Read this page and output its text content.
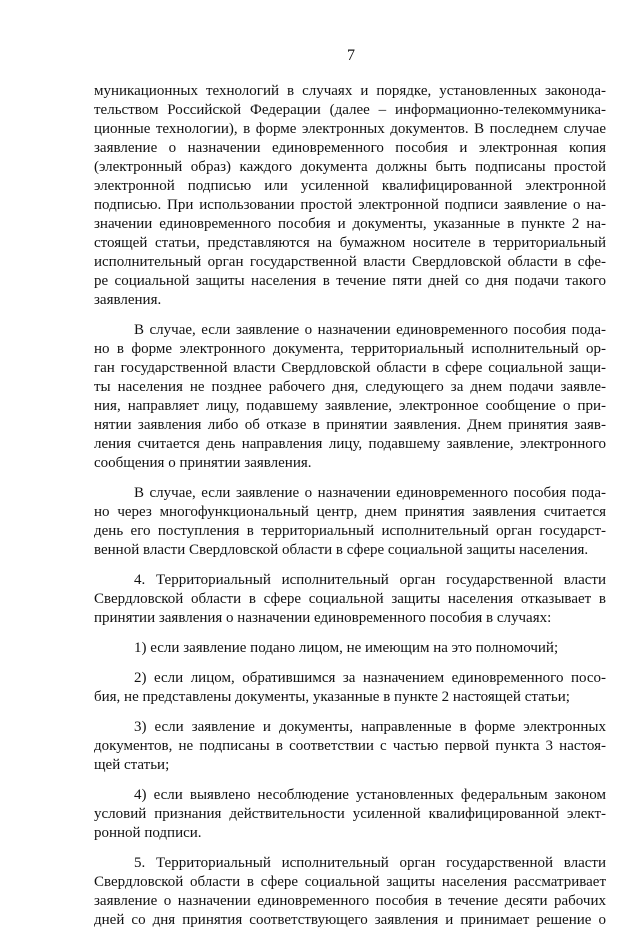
7
муникационных технологий в случаях и порядке, установленных законода-
тельством Российской Федерации (далее – информационно-телекоммуника-
ционные технологии), в форме электронных документов. В последнем случае
заявление о назначении единовременного пособия и электронная копия
(электронный образ) каждого документа должны быть подписаны простой
электронной подписью или усиленной квалифицированной электронной
подписью. При использовании простой электронной подписи заявление о на-
значении единовременного пособия и документы, указанные в пункте 2 на-
стоящей статьи, представляются на бумажном носителе в территориальный
исполнительный орган государственной власти Свердловской области в сфе-
ре социальной защиты населения в течение пяти дней со дня подачи такого
заявления.
В случае, если заявление о назначении единовременного пособия пода-
но в форме электронного документа, территориальный исполнительный ор-
ган государственной власти Свердловской области в сфере социальной защи-
ты населения не позднее рабочего дня, следующего за днем подачи заявле-
ния, направляет лицу, подавшему заявление, электронное сообщение о при-
нятии заявления либо об отказе в принятии заявления. Днем принятия заяв-
ления считается день направления лицу, подавшему заявление, электронного
сообщения о принятии заявления.
В случае, если заявление о назначении единовременного пособия пода-
но через многофункциональный центр, днем принятия заявления считается
день его поступления в территориальный исполнительный орган государст-
венной власти Свердловской области в сфере социальной защиты населения.
4. Территориальный исполнительный орган государственной власти
Свердловской области в сфере социальной защиты населения отказывает в
принятии заявления о назначении единовременного пособия в случаях:
1) если заявление подано лицом, не имеющим на это полномочий;
2) если лицом, обратившимся за назначением единовременного посо-
бия, не представлены документы, указанные в пункте 2 настоящей статьи;
3) если заявление и документы, направленные в форме электронных
документов, не подписаны в соответствии с частью первой пункта 3 настоя-
щей статьи;
4) если выявлено несоблюдение установленных федеральным законом
условий признания действительности усиленной квалифицированной элект-
ронной подписи.
5. Территориальный исполнительный орган государственной власти
Свердловской области в сфере социальной защиты населения рассматривает
заявление о назначении единовременного пособия в течение десяти рабочих
дней со дня принятия соответствующего заявления и принимает решение о
